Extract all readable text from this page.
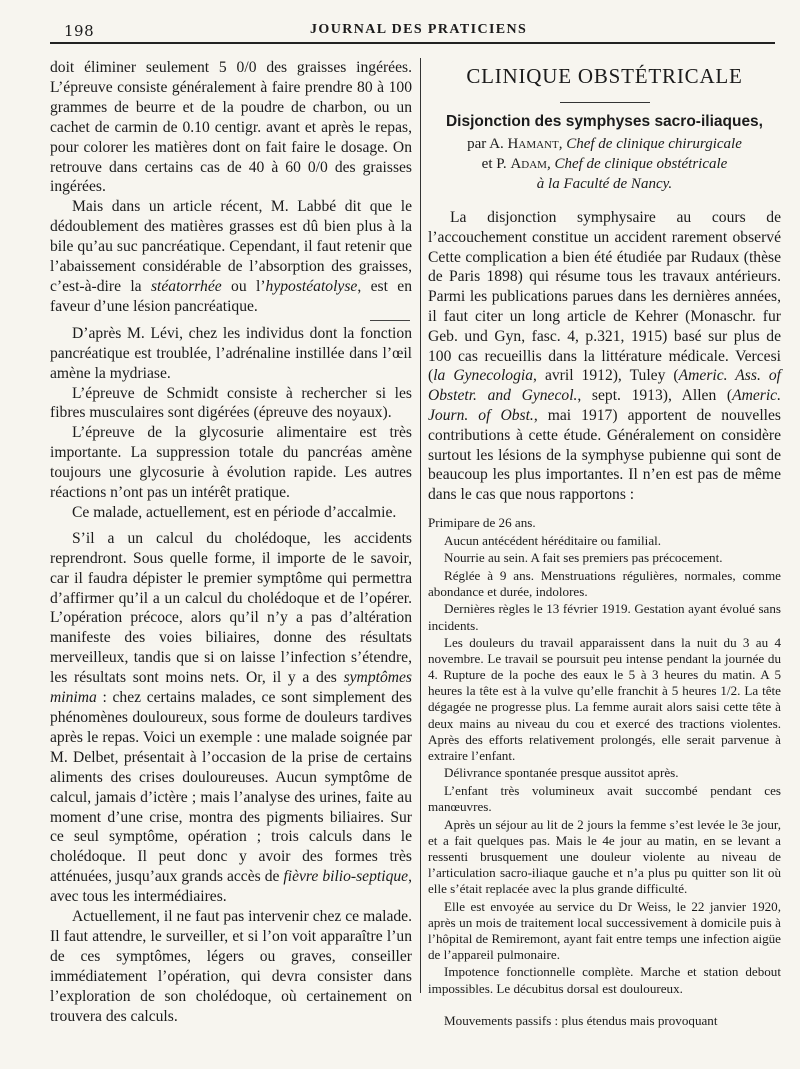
198	JOURNAL DES PRATICIENS

doit éliminer seulement 5 0/0 des graisses ingérées. L’épreuve consiste généralement à faire prendre 80 à 100 grammes de beurre et de la poudre de charbon, ou un cachet de carmin de 0.10 centigr. avant et après le repas, pour colorer les matières dont on fait faire le dosage. On retrouve dans certains cas de 40 à 60 0/0 des graisses ingérées.

Mais dans un article récent, M. Labbé dit que le dédoublement des matières grasses est dû bien plus à la bile qu’au suc pancréatique. Cependant, il faut retenir que l’abaissement considérable de l’absorption des graisses, c’est-à-dire la stéatorrhée ou l’hypostéatolyse, est en faveur d’une lésion pancréatique.

D’après M. Lévi, chez les individus dont la fonction pancréatique est troublée, l’adrénaline instillée dans l’œil amène la mydriase.

L’épreuve de Schmidt consiste à rechercher si les fibres musculaires sont digérées (épreuve des noyaux).

L’épreuve de la glycosurie alimentaire est très importante. La suppression totale du pancréas amène toujours une glycosurie à évolution rapide. Les autres réactions n’ont pas un intérêt pratique.

Ce malade, actuellement, est en période d’accalmie.

S’il a un calcul du cholédoque, les accidents reprendront. Sous quelle forme, il importe de le savoir, car il faudra dépister le premier symptôme qui permettra d’affirmer qu’il a un calcul du cholédoque et de l’opérer. L’opération précoce, alors qu’il n’y a pas d’altération manifeste des voies biliaires, donne des résultats merveilleux, tandis que si on laisse l’infection s’étendre, les résultats sont moins nets. Or, il y a des symptômes minima : chez certains malades, ce sont simplement des phénomènes douloureux, sous forme de douleurs tardives après le repas. Voici un exemple : une malade soignée par M. Delbet, présentait à l’occasion de la prise de certains aliments des crises douloureuses. Aucun symptôme de calcul, jamais d’ictère ; mais l’analyse des urines, faite au moment d’une crise, montra des pigments biliaires. Sur ce seul symptôme, opération ; trois calculs dans le cholédoque. Il peut donc y avoir des formes très atténuées, jusqu’aux grands accès de fièvre bilio-septique, avec tous les intermédiaires.

Actuellement, il ne faut pas intervenir chez ce malade. Il faut attendre, le surveiller, et si l’on voit apparaître l’un de ces symptômes, légers ou graves, conseiller immédiatement l’opération, qui devra consister dans l’exploration de son cholédoque, où certainement on trouvera des calculs.

CLINIQUE OBSTÉTRICALE
Disjonction des symphyses sacro-iliaques,
par A. Hamant, Chef de clinique chirurgicale
et P. Adam, Chef de clinique obstétricale
à la Faculté de Nancy.

La disjonction symphysaire au cours de l’accouchement constitue un accident rarement observé Cette complication a bien été étudiée par Rudaux (thèse de Paris 1898) qui résume tous les travaux antérieurs. Parmi les publications parues dans les dernières années, il faut citer un long article de Kehrer (Monaschr. fur Geb. und Gyn, fasc. 4, p.321, 1915) basé sur plus de 100 cas recueillis dans la littérature médicale. Vercesi (la Gynecologia, avril 1912), Tuley (Americ. Ass. of Obstetr. and Gynecol., sept. 1913), Allen (Americ. Journ. of Obst., mai 1917) apportent de nouvelles contributions à cette étude. Généralement on considère surtout les lésions de la symphyse pubienne qui sont de beaucoup les plus importantes. Il n’en est pas de même dans le cas que nous rapportons :

Primipare de 26 ans.

Aucun antécédent héréditaire ou familial.

Nourrie au sein. A fait ses premiers pas précocement.

Réglée à 9 ans. Menstruations régulières, normales, comme abondance et durée, indolores.

Dernières règles le 13 février 1919. Gestation ayant évolué sans incidents.

Les douleurs du travail apparaissent dans la nuit du 3 au 4 novembre. Le travail se poursuit peu intense pendant la journée du 4. Rupture de la poche des eaux le 5 à 3 heures du matin. A 5 heures la tête est à la vulve qu’elle franchit à 5 heures 1/2. La tête dégagée ne progresse plus. La femme aurait alors saisi cette tête à deux mains au niveau du cou et exercé des tractions violentes. Après des efforts relativement prolongés, elle serait parvenue à extraire l’enfant.

Délivrance spontanée presque aussitot après.

L’enfant très volumineux avait succombé pendant ces manœuvres.

Après un séjour au lit de 2 jours la femme s’est levée le 3e jour, et a fait quelques pas. Mais le 4e jour au matin, en se levant a ressenti brusquement une douleur violente au niveau de l’articulation sacro-iliaque gauche et n’a plus pu quitter son lit où elle s’était replacée avec la plus grande difficulté.

Elle est envoyée au service du Dr Weiss, le 22 janvier 1920, après un mois de traitement local successivement à domicile puis à l’hôpital de Remiremont, ayant fait entre temps une infection aigüe de l’appareil pulmonaire.

Impotence fonctionnelle complète. Marche et station debout impossibles. Le décubitus dorsal est douloureux.

Mouvements passifs : plus étendus mais provoquant
